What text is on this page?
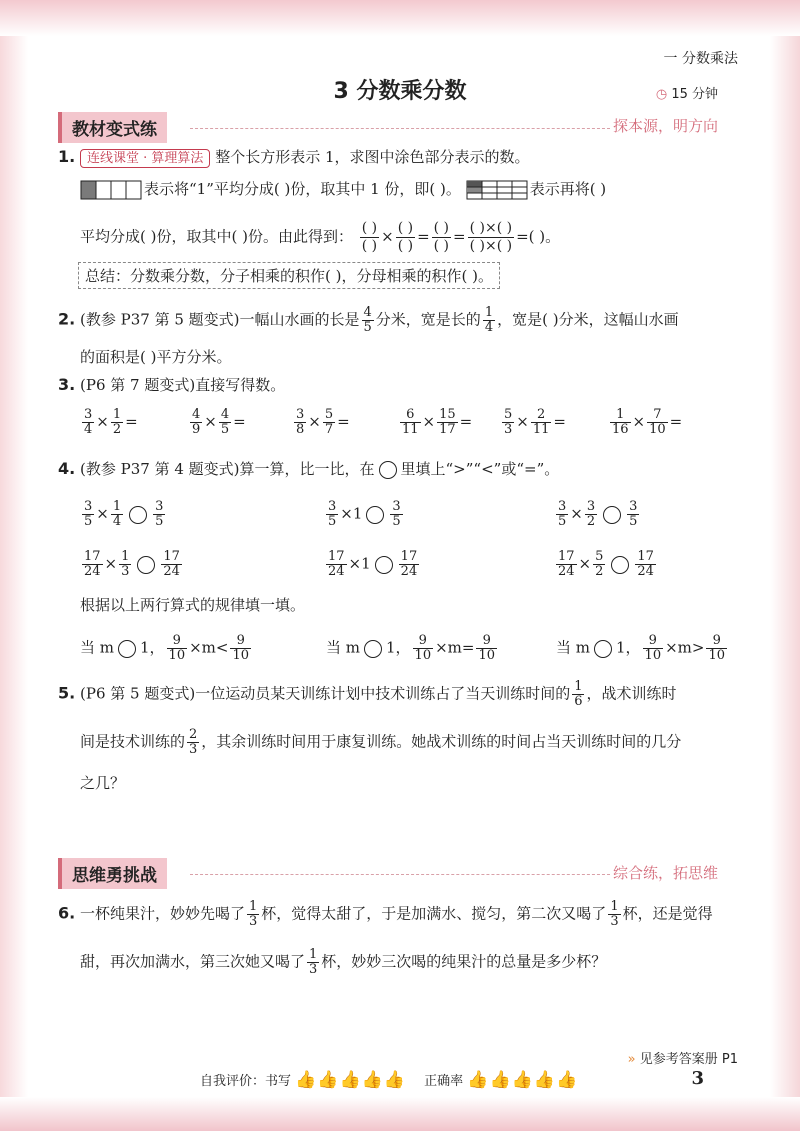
一 分数乘法
3 分数乘分数	◷ 15 分钟
教材变式练	探本源，明方向
1. 连线课堂 · 算理算法 整个长方形表示 1，求图中涂色部分表示的数。
表示将“1”平均分成( )份，取其中 1 份，即( )。	表示再将( )
平均分成( )份，取其中( )份。由此得到： $\frac{( )}{( )} \times \frac{( )}{( )} = \frac{( )}{( )} = \frac{( )\times( )}{( )\times( )}$ =( )。
总结：分数乘分数，分子相乘的积作( )，分母相乘的积作( )。
2. (教参 P37 第 5 题变式)一幅山水画的长是 $\frac{4}{5}$ 分米，宽是长的 $\frac{1}{4}$ ，宽是( )分米，这幅山水画
的面积是( )平方分米。
3. (P6 第 7 题变式)直接写得数。
$\frac{3}{4} \times \frac{1}{2}$ =	$\frac{4}{9} \times \frac{4}{5}$ =	$\frac{3}{8} \times \frac{5}{7}$ =	$\frac{6}{11} \times \frac{15}{17} = \frac{5}{3} \times \frac{2}{11}$ =	$\frac{1}{16} \times \frac{7}{10}$ =
4. (教参 P37 第 4 题变式)算一算，比一比，在 里填上“>”“<”或“=”。
$\frac{3}{5} \times \frac{1}{4} \frac{3}{5}$	$\frac{3}{5} \times 1 \frac{3}{5}$	$\frac{3}{5} \times \frac{3}{2} \frac{3}{5}$
$\frac{17}{24} \times \frac{1}{3} \frac{17}{24}$	$\frac{17}{24} \times 1 \frac{17}{24}$	$\frac{17}{24} \times \frac{5}{2} \frac{17}{24}$
根据以上两行算式的规律填一填。
当 m 1， $\frac{9}{10} \times m< \frac{9}{10}$	当 m 1， $\frac{9}{10} \times m= \frac{9}{10}$	当 m 1， $\frac{9}{10} \times m> \frac{9}{10}$
5. (P6 第 5 题变式)一位运动员某天训练计划中技术训练占了当天训练时间的 $\frac{1}{6}$ ，战术训练时
间是技术训练的 $\frac{2}{3}$ ，其余训练时间用于康复训练。她战术训练的时间占当天训练时间的几分
之几？
思维勇挑战	综合练，拓思维
6. 一杯纯果汁，妙妙先喝了 $\frac{1}{3}$ 杯，觉得太甜了，于是加满水、搅匀，第二次又喝了 $\frac{1}{3}$ 杯，还是觉得
甜，再次加满水，第三次她又喝了 $\frac{1}{3}$ 杯，妙妙三次喝的纯果汁的总量是多少杯？
» 见参考答案册 P1
自我评价：书写 👍👍👍👍👍 正确率 👍👍👍👍👍	3
